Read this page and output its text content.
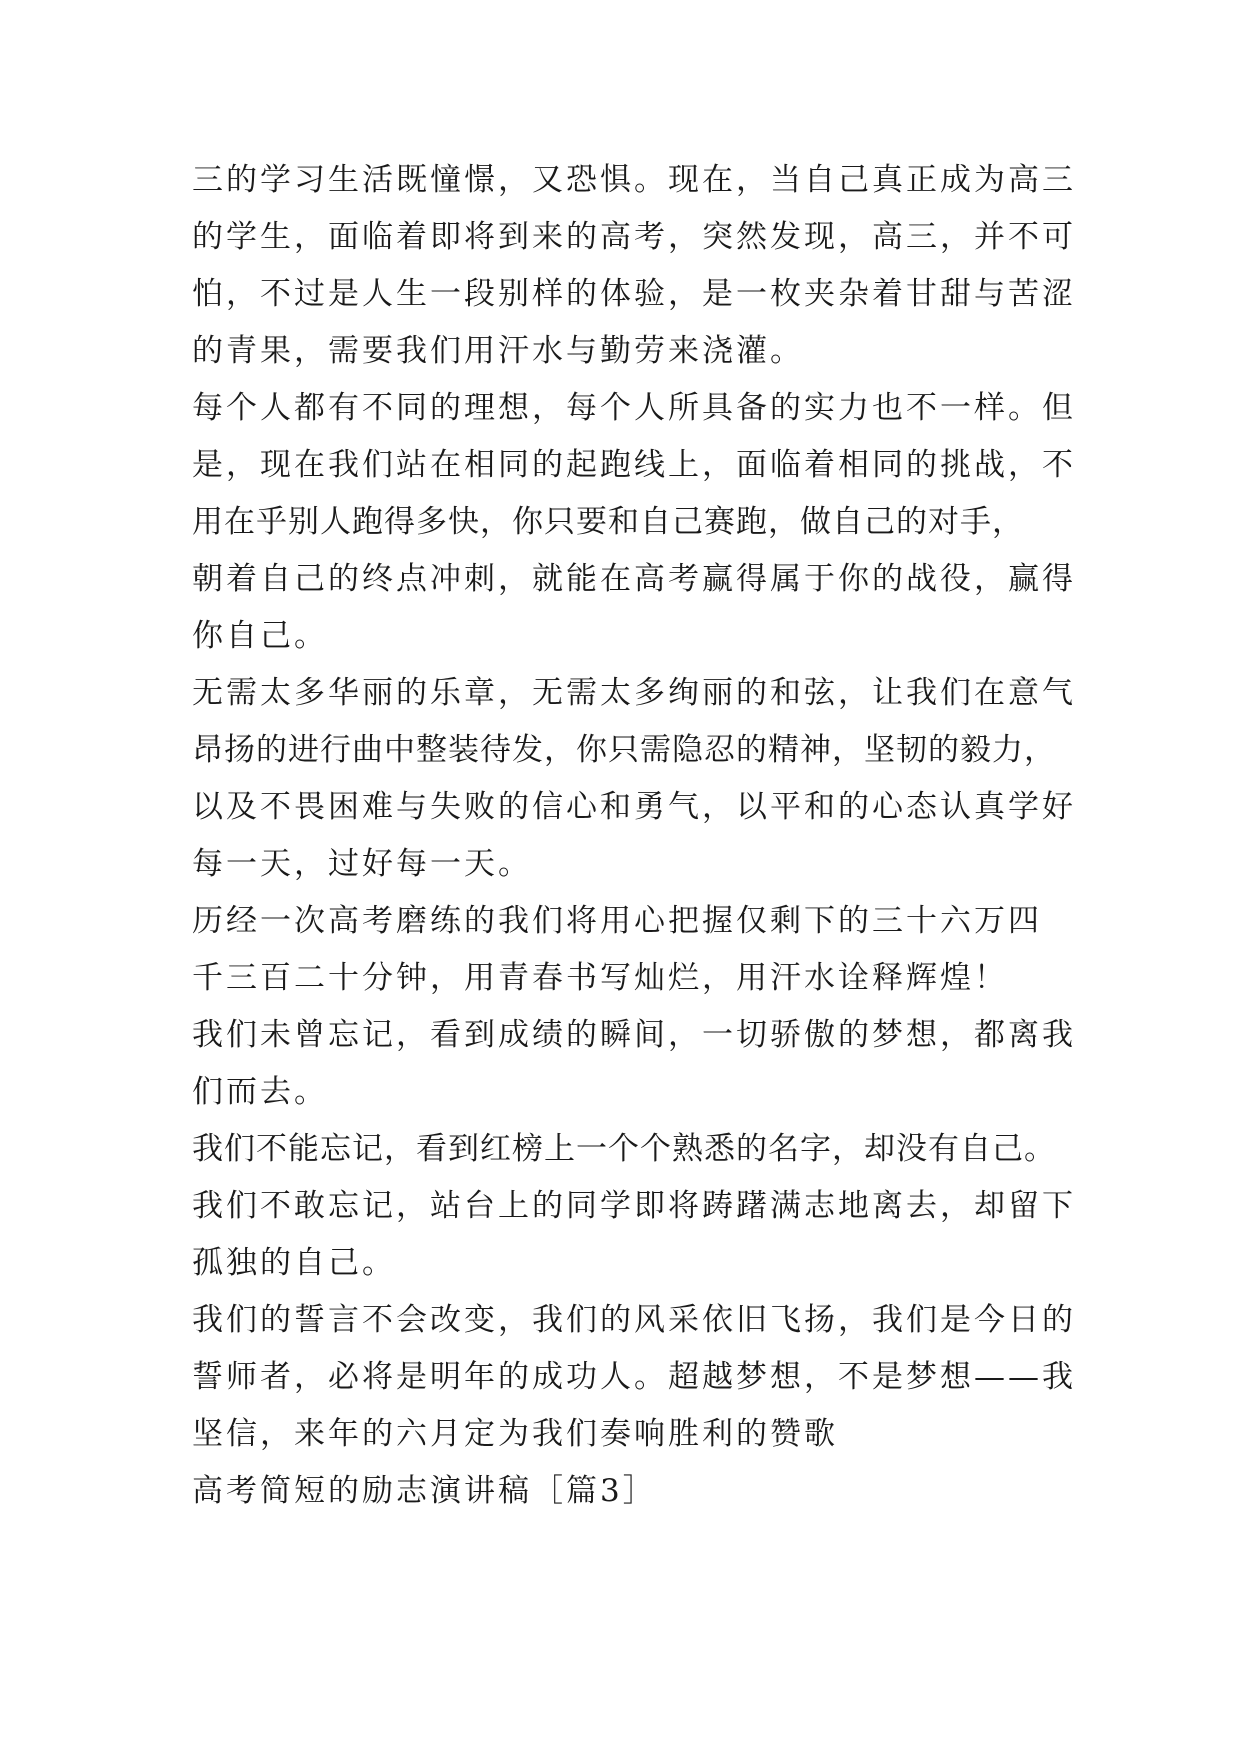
三的学习生活既憧憬，又恐惧。现在，当自己真正成为高三
的学生，面临着即将到来的高考，突然发现，高三，并不可
怕，不过是人生一段别样的体验，是一枚夹杂着甘甜与苦涩
的青果，需要我们用汗水与勤劳来浇灌。
每个人都有不同的理想，每个人所具备的实力也不一样。但
是，现在我们站在相同的起跑线上，面临着相同的挑战，不
用在乎别人跑得多快，你只要和自己赛跑，做自己的对手，
朝着自己的终点冲刺，就能在高考赢得属于你的战役，赢得
你自己。
无需太多华丽的乐章，无需太多绚丽的和弦，让我们在意气
昂扬的进行曲中整装待发，你只需隐忍的精神，坚韧的毅力，
以及不畏困难与失败的信心和勇气，以平和的心态认真学好
每一天，过好每一天。
历经一次高考磨练的我们将用心把握仅剩下的三十六万四
千三百二十分钟，用青春书写灿烂，用汗水诠释辉煌！
我们未曾忘记，看到成绩的瞬间，一切骄傲的梦想，都离我
们而去。
我们不能忘记，看到红榜上一个个熟悉的名字，却没有自己。
我们不敢忘记，站台上的同学即将踌躇满志地离去，却留下
孤独的自己。
我们的誓言不会改变，我们的风采依旧飞扬，我们是今日的
誓师者，必将是明年的成功人。超越梦想，不是梦想——我
坚信，来年的六月定为我们奏响胜利的赞歌
高考简短的励志演讲稿［篇3］
